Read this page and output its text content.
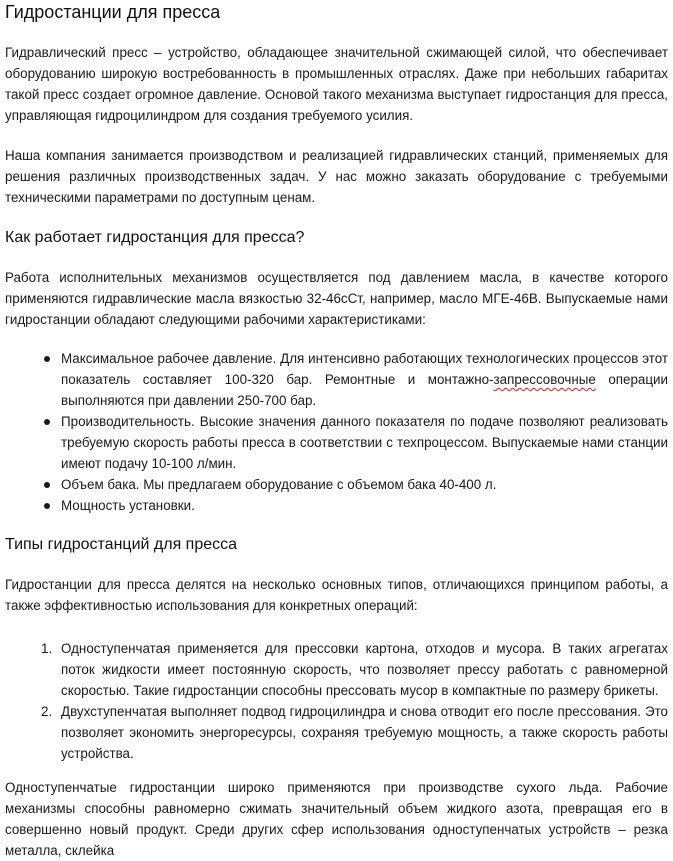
Гидростанции для пресса

Гидравлический пресс – устройство, обладающее значительной сжимающей силой, что обеспечивает оборудованию широкую востребованность в промышленных отраслях. Даже при небольших габаритах такой пресс создает огромное давление. Основой такого механизма выступает гидростанция для пресса, управляющая гидроцилиндром для создания требуемого усилия.

Наша компания занимается производством и реализацией гидравлических станций, применяемых для решения различных производственных задач. У нас можно заказать оборудование с требуемыми техническими параметрами по доступным ценам.

Как работает гидростанция для пресса?

Работа исполнительных механизмов осуществляется под давлением масла, в качестве которого применяются гидравлические масла вязкостью 32-46сСт, например, масло МГЕ-46В. Выпускаемые нами гидростанции обладают следующими рабочими характеристиками:

Максимальное рабочее давление. Для интенсивно работающих технологических процессов этот показатель составляет 100-320 бар. Ремонтные и монтажно-запрессовочные операции выполняются при давлении 250-700 бар.
Производительность. Высокие значения данного показателя по подаче позволяют реализовать требуемую скорость работы пресса в соответствии с техпроцессом. Выпускаемые нами станции имеют подачу 10-100 л/мин.
Объем бака. Мы предлагаем оборудование с объемом бака 40-400 л.
Мощность установки.
Типы гидростанций для пресса

Гидростанции для пресса делятся на несколько основных типов, отличающихся принципом работы, а также эффективностью использования для конкретных операций:

1. Одноступенчатая применяется для прессовки картона, отходов и мусора. В таких агрегатах поток жидкости имеет постоянную скорость, что позволяет прессу работать с равномерной скоростью. Такие гидростанции способны прессовать мусор в компактные по размеру брикеты.
2. Двухступенчатая выполняет подвод гидроцилиндра и снова отводит его после прессования. Это позволяет экономить энергоресурсы, сохраняя требуемую мощность, а также скорость работы устройства.

Одноступенчатые гидростанции широко применяются при производстве сухого льда. Рабочие механизмы способны равномерно сжимать значительный объем жидкого азота, превращая его в совершенно новый продукт. Среди других сфер использования одноступенчатых устройств – резка металла, склейка
